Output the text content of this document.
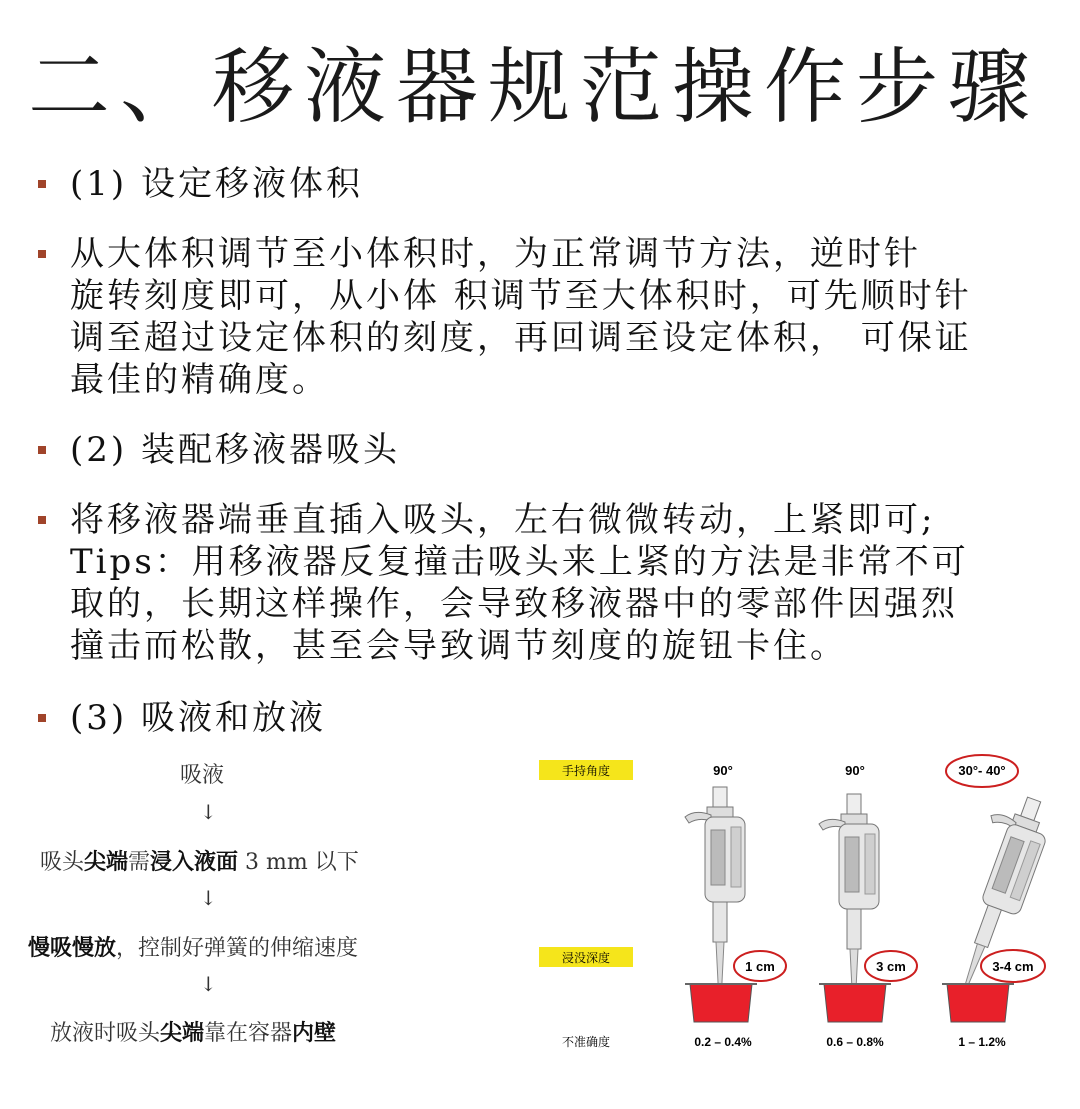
二、移液器规范操作步骤
(1) 设定移液体积
从大体积调节至小体积时，为正常调节方法，逆时针
旋转刻度即可，从小体 积调节至大体积时，可先顺时针
调至超过设定体积的刻度，再回调至设定体积， 可保证
最佳的精确度。
(2) 装配移液器吸头
将移液器端垂直插入吸头，左右微微转动，上紧即可;
Tips：用移液器反复撞击吸头来上紧的方法是非常不可
取的，长期这样操作，会导致移液器中的零部件因强烈
撞击而松散，甚至会导致调节刻度的旋钮卡住。
(3) 吸液和放液
吸液
↓
吸头尖端需浸入液面 3 mm 以下
↓
慢吸慢放，控制好弹簧的伸缩速度
↓
放液时吸头尖端靠在容器内壁
手持角度
浸没深度
不准确度
90°	90°	30°- 40°
1 cm
0.2 – 0.4%
3 cm
0.6 – 0.8%
3-4 cm
1 – 1.2%
